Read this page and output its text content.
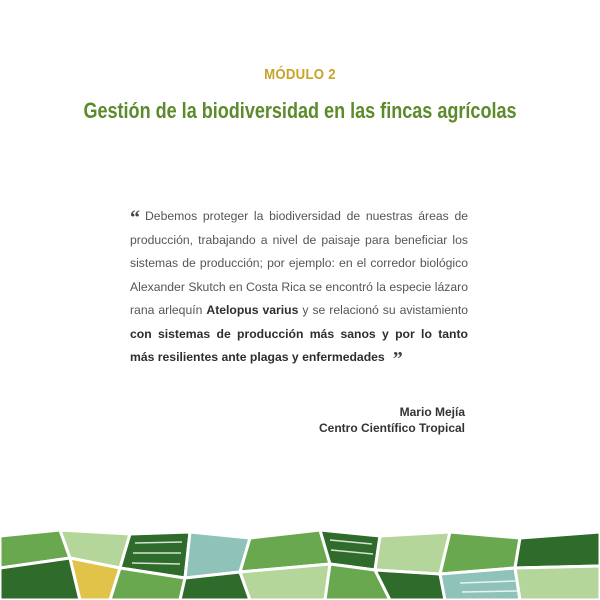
MÓDULO 2
Gestión de la biodiversidad en las fincas agrícolas
“ Debemos proteger la biodiversidad de nuestras áreas de producción, trabajando a nivel de paisaje para beneficiar los sistemas de producción; por ejemplo: en el corredor biológico Alexander Skutch en Costa Rica se encontró la especie lázaro rana arlequín Atelopus varius y se relacionó su avistamiento con sistemas de producción más sanos y por lo tanto más resilientes ante plagas y enfermedades ”
Mario Mejía
Centro Científico Tropical
